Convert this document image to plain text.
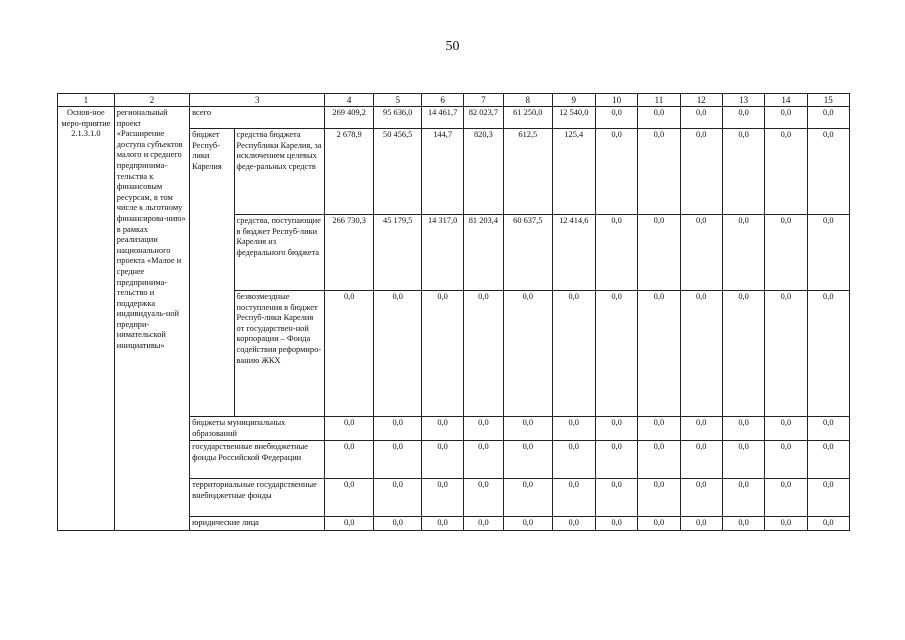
50
1	2	3		4	5	6	7	8	9	10	11	12	13	14	15
Основ-ное меро-приятие 2.1.3.1.0	региональный проект «Расширение доступа субъектов малого и среднего предпринима-тельства к финансовым ресурсам, в том числе к льготному финансирова-нию» в рамках реализации национального проекта «Малое и среднее предпринима-тельство и поддержка индивидуаль-ной предпри-нимательской инициативы»	всего		269 409,2	95 636,0	14 461,7	82 023,7	61 250,0	12 540,0	0,0	0,0	0,0	0,0	0,0	0,0
		бюджет Респуб-лики Карелия	средства бюджета Республики Карелия, за исключением целевых феде-ральных средств	2 678,9	50 456,5	144,7	820,3	612,5	125,4	0,0	0,0	0,0	0,0	0,0	0,0
			средства, поступающие в бюджет Респуб-лики Карелия из федерального бюджета	266 730,3	45 179,5	14 317,0	81 203,4	60 637,5	12 414,6	0,0	0,0	0,0	0,0	0,0	0,0
			безвозмездные поступления в бюджет Респуб-лики Карелия от государствен-ной корпорации – Фонда содействия реформиро-ванию ЖКХ	0,0	0,0	0,0	0,0	0,0	0,0	0,0	0,0	0,0	0,0	0,0	0,0
		бюджеты муниципальных образований		0,0	0,0	0,0	0,0	0,0	0,0	0,0	0,0	0,0	0,0	0,0	0,0
		государственные внебюджетные фонды Российской Федерации		0,0	0,0	0,0	0,0	0,0	0,0	0,0	0,0	0,0	0,0	0,0	0,0
		территориальные государственные внебюджетные фонды		0,0	0,0	0,0	0,0	0,0	0,0	0,0	0,0	0,0	0,0	0,0	0,0
		юридические лица		0,0	0,0	0,0	0,0	0,0	0,0	0,0	0,0	0,0	0,0	0,0	0,0
